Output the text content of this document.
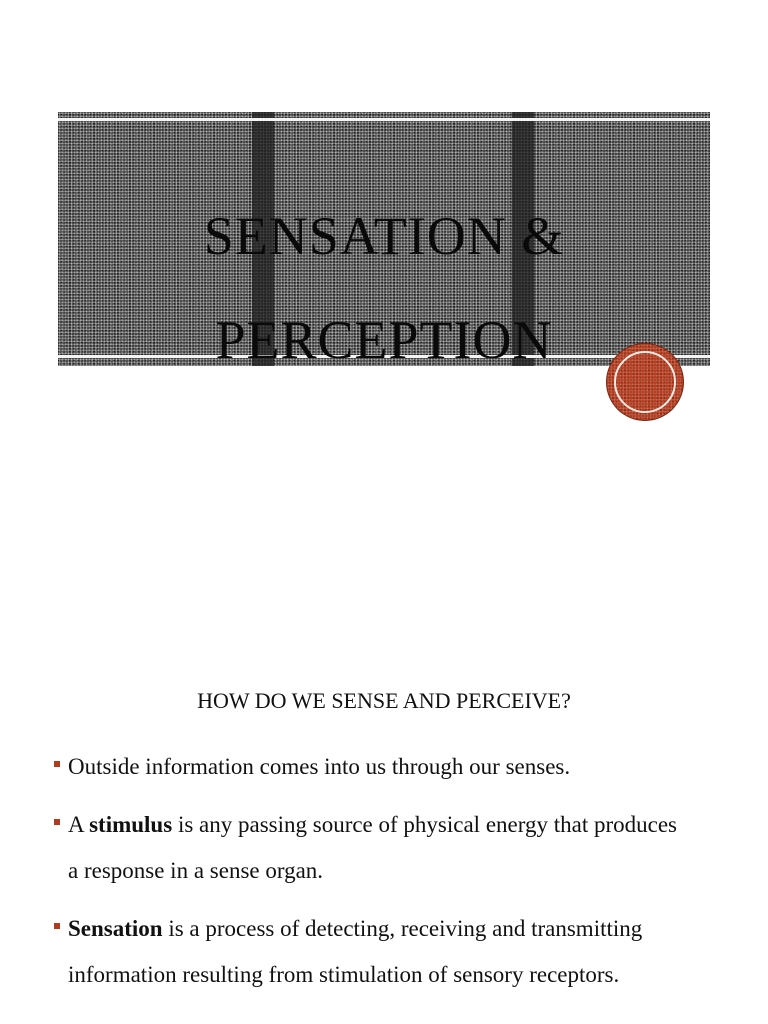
SENSATION &
PERCEPTION
HOW DO WE SENSE AND PERCEIVE?
Outside information comes into us through our senses.
A stimulus is any passing source of physical energy that produces a response in a sense organ.
Sensation is a process of detecting, receiving and transmitting information resulting from stimulation of sensory receptors.
